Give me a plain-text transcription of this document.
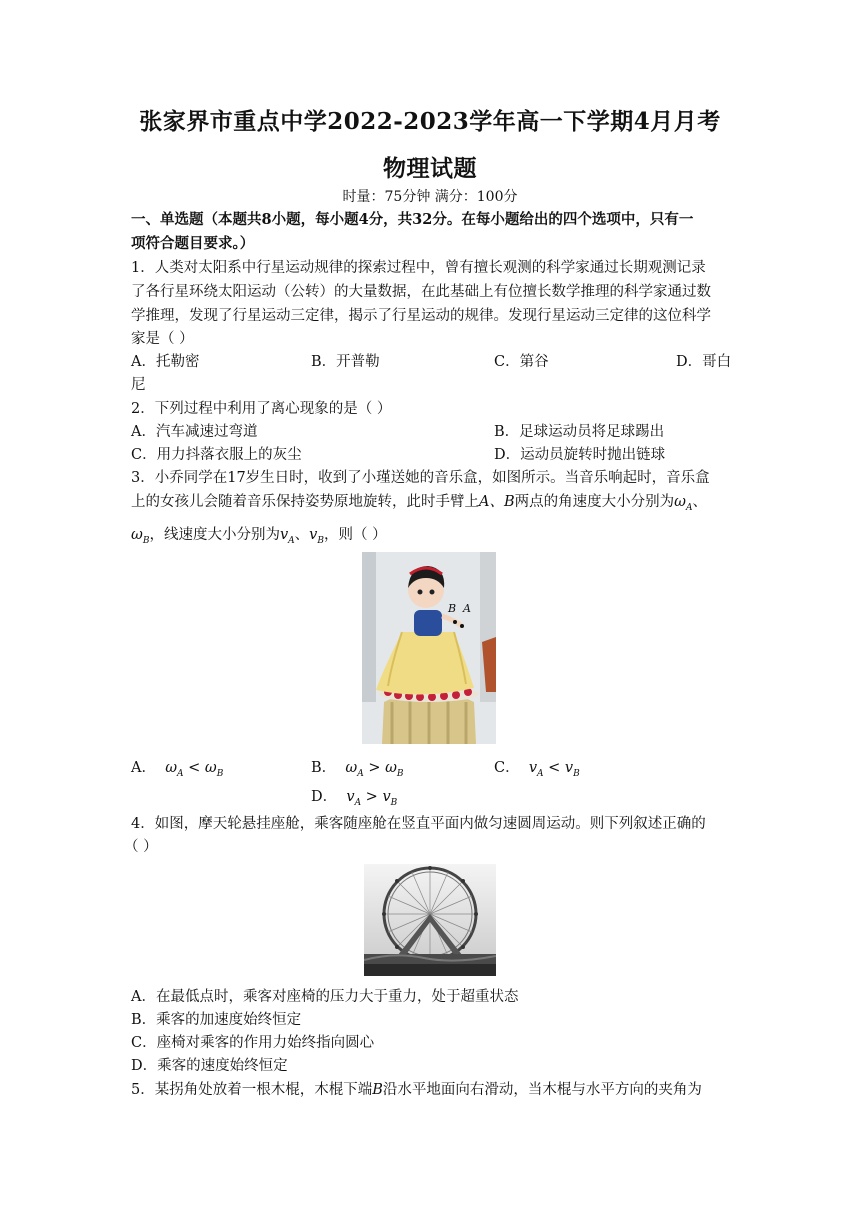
张家界市重点中学2022-2023学年高一下学期4月月考
物理试题
时量：75分钟 满分：100分
一、单选题（本题共8小题，每小题4分，共32分。在每小题给出的四个选项中，只有一
项符合题目要求。）
1．人类对太阳系中行星运动规律的探索过程中，曾有擅长观测的科学家通过长期观测记录
了各行星环绕太阳运动（公转）的大量数据，在此基础上有位擅长数学推理的科学家通过数
学推理，发现了行星运动三定律，揭示了行星运动的规律。发现行星运动三定律的这位科学
家是（ ）
A．托勒密	B．开普勒	C．第谷	D．哥白
尼
2．下列过程中利用了离心现象的是（ ）
A．汽车减速过弯道	B．足球运动员将足球踢出
C．用力抖落衣服上的灰尘	D．运动员旋转时抛出链球
3．小乔同学在17岁生日时，收到了小瑾送她的音乐盒，如图所示。当音乐响起时，音乐盒
上的女孩儿会随着音乐保持姿势原地旋转，此时手臂上A、B两点的角速度大小分别为$\omega_A$、
$\omega_B$，线速度大小分别为$v_A$、$v_B$，则（ ）
B A
A． $\omega_A < \omega_B$	B． $\omega_A > \omega_B$	C． $v_A < v_B$
D． $v_A > v_B$
4．如图，摩天轮悬挂座舱，乘客随座舱在竖直平面内做匀速圆周运动。则下列叙述正确的
（ ）
A．在最低点时，乘客对座椅的压力大于重力，处于超重状态
B．乘客的加速度始终恒定
C．座椅对乘客的作用力始终指向圆心
D．乘客的速度始终恒定
5．某拐角处放着一根木棍，木棍下端B沿水平地面向右滑动，当木棍与水平方向的夹角为
